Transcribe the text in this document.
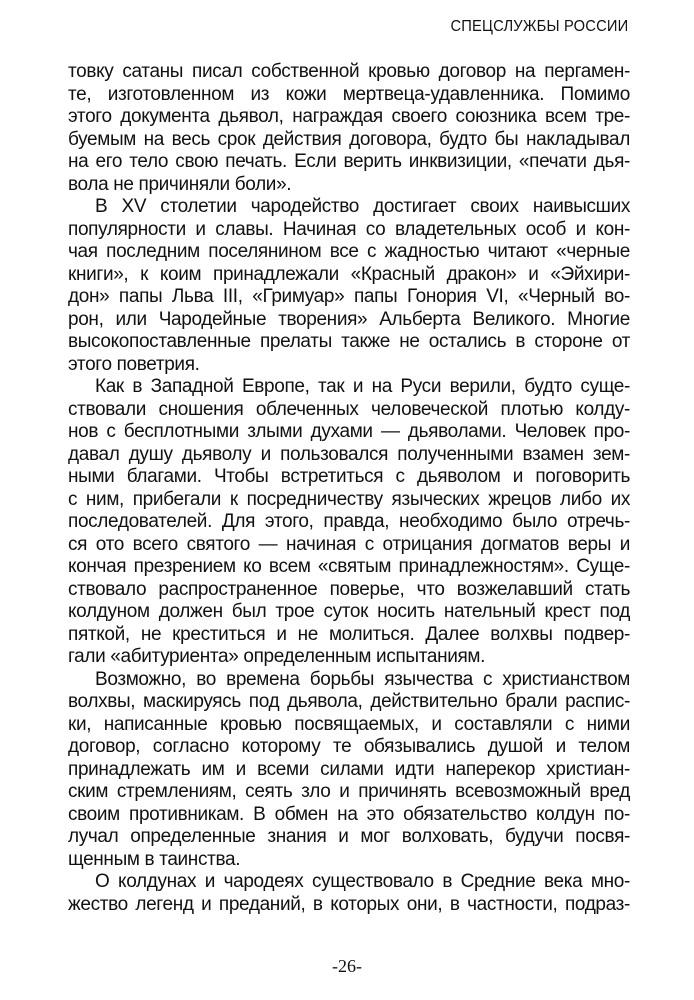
СПЕЦСЛУЖБЫ РОССИИ
товку сатаны писал собственной кровью договор на пергамен-
те, изготовленном из кожи мертвеца-удавленника. Помимо
этого документа дьявол, награждая своего союзника всем тре-
буемым на весь срок действия договора, будто бы накладывал
на его тело свою печать. Если верить инквизиции, «печати дья-
вола не причиняли боли».
В XV столетии чародейство достигает своих наивысших
популярности и славы. Начиная со владетельных особ и кон-
чая последним поселянином все с жадностью читают «черные
книги», к коим принадлежали «Красный дракон» и «Эйхири-
дон» папы Льва III, «Гримуар» папы Гонория VI, «Черный во-
рон, или Чародейные творения» Альберта Великого. Многие
высокопоставленные прелаты также не остались в стороне от
этого поветрия.
Как в Западной Европе, так и на Руси верили, будто суще-
ствовали сношения облеченных человеческой плотью колду-
нов с бесплотными злыми духами — дьяволами. Человек про-
давал душу дьяволу и пользовался полученными взамен зем-
ными благами. Чтобы встретиться с дьяволом и поговорить
с ним, прибегали к посредничеству языческих жрецов либо их
последователей. Для этого, правда, необходимо было отречь-
ся ото всего святого — начиная с отрицания догматов веры и
кончая презрением ко всем «святым принадлежностям». Суще-
ствовало распространенное поверье, что возжелавший стать
колдуном должен был трое суток носить нательный крест под
пяткой, не креститься и не молиться. Далее волхвы подвер-
гали «абитуриента» определенным испытаниям.
Возможно, во времена борьбы язычества с христианством
волхвы, маскируясь под дьявола, действительно брали распис-
ки, написанные кровью посвящаемых, и составляли с ними
договор, согласно которому те обязывались душой и телом
принадлежать им и всеми силами идти наперекор христиан-
ским стремлениям, сеять зло и причинять всевозможный вред
своим противникам. В обмен на это обязательство колдун по-
лучал определенные знания и мог волховать, будучи посвя-
щенным в таинства.
О колдунах и чародеях существовало в Средние века мно-
жество легенд и преданий, в которых они, в частности, подраз-
-26-
